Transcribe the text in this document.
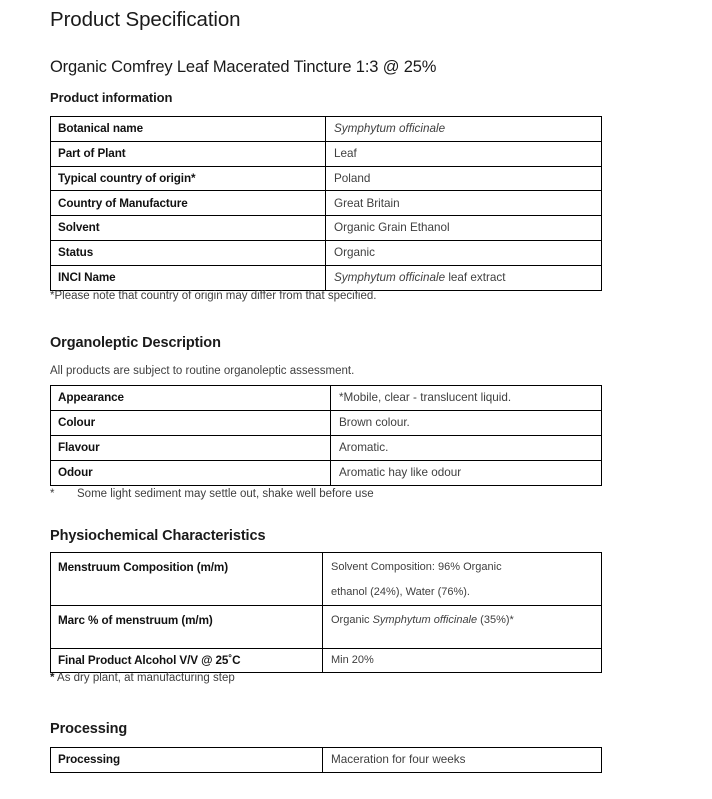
Product Specification
Organic Comfrey Leaf Macerated Tincture 1:3 @ 25%
Product information
Botanical name	Symphytum officinale
Part of Plant	Leaf
Typical country of origin*	Poland
Country of Manufacture	Great Britain
Solvent	Organic Grain Ethanol
Status	Organic
INCI Name	Symphytum officinale leaf extract
*Please note that country of origin may differ from that specified.
Organoleptic Description
All products are subject to routine organoleptic assessment.
Appearance	*Mobile, clear - translucent liquid.
Colour	Brown colour.
Flavour	Aromatic.
Odour	Aromatic hay like odour
* Some light sediment may settle out, shake well before use
Physiochemical Characteristics
Menstruum Composition (m/m)	Solvent Composition: 96% Organic
ethanol (24%), Water (76%).

Marc % of menstruum (m/m)	Organic Symphytum officinale (35%)*
Final Product Alcohol V/V @ 25˚C	Min 20%
* As dry plant, at manufacturing step
Processing
Processing	Maceration for four weeks
